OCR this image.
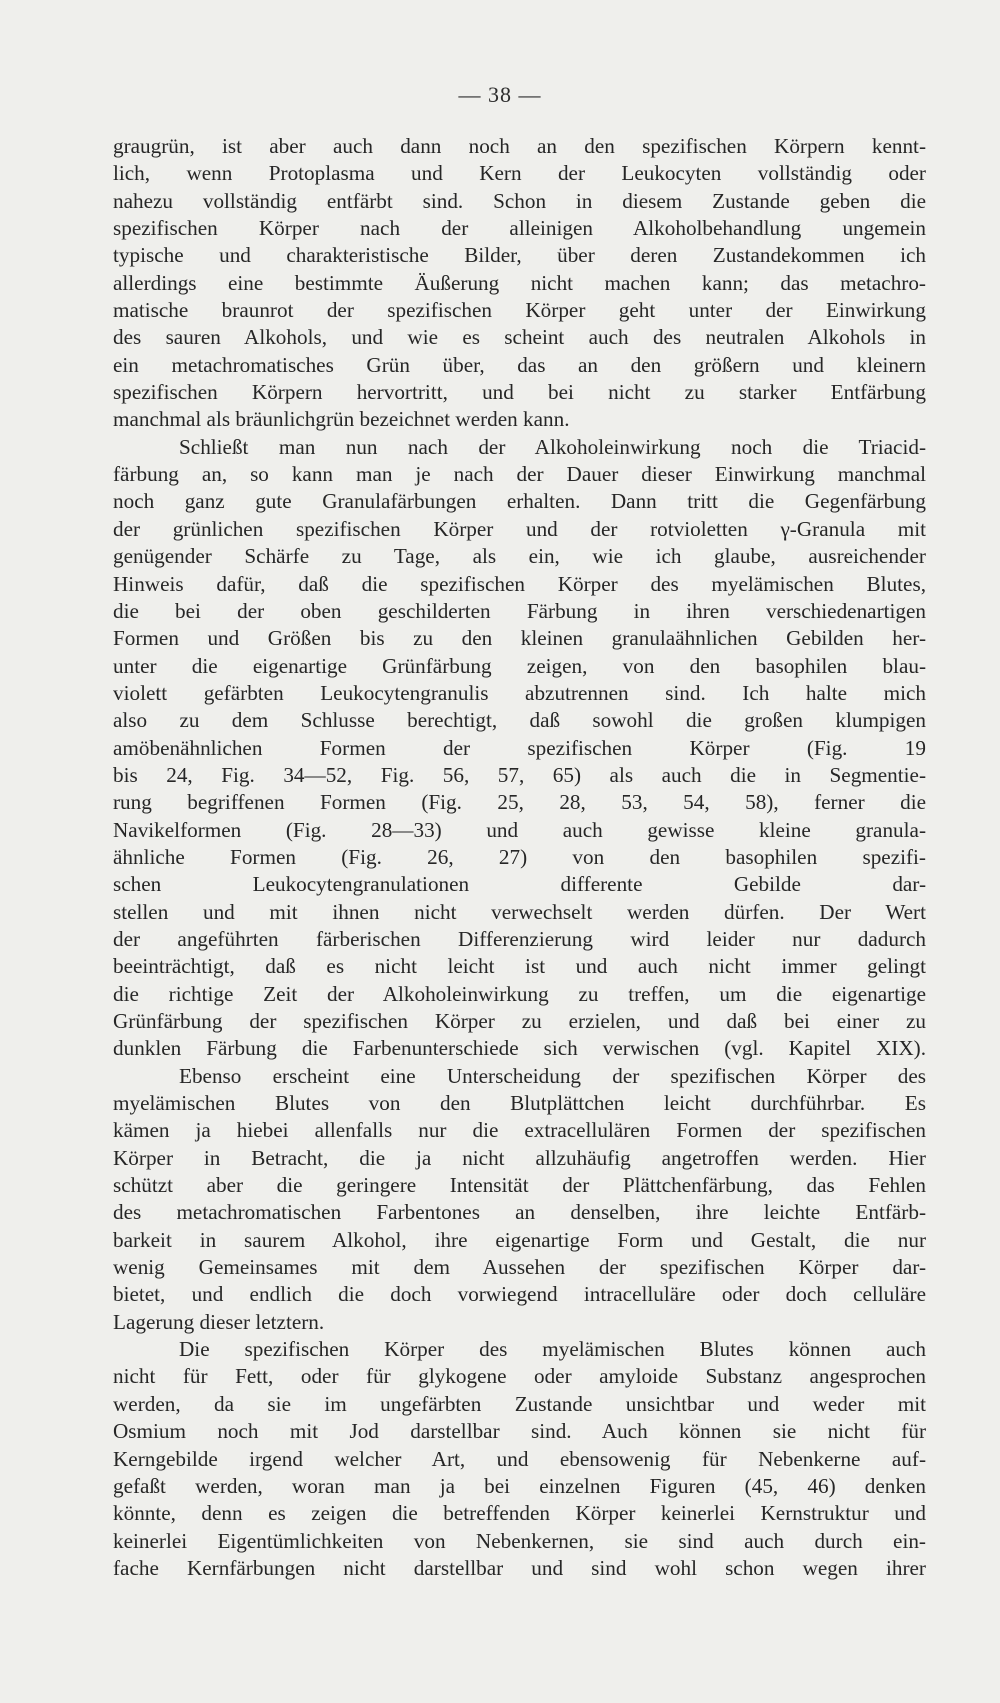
— 38 —
graugrün, ist aber auch dann noch an den spezifischen Körpern kennt-
lich, wenn Protoplasma und Kern der Leukocyten vollständig oder
nahezu vollständig entfärbt sind. Schon in diesem Zustande geben die
spezifischen Körper nach der alleinigen Alkoholbehandlung ungemein
typische und charakteristische Bilder, über deren Zustandekommen ich
allerdings eine bestimmte Äußerung nicht machen kann; das metachro-
matische braunrot der spezifischen Körper geht unter der Einwirkung
des sauren Alkohols, und wie es scheint auch des neutralen Alkohols in
ein metachromatisches Grün über, das an den größern und kleinern
spezifischen Körpern hervortritt, und bei nicht zu starker Entfärbung
manchmal als bräunlichgrün bezeichnet werden kann.
Schließt man nun nach der Alkoholeinwirkung noch die Triacid-
färbung an, so kann man je nach der Dauer dieser Einwirkung manchmal
noch ganz gute Granulafärbungen erhalten. Dann tritt die Gegenfärbung
der grünlichen spezifischen Körper und der rotvioletten γ-Granula mit
genügender Schärfe zu Tage, als ein, wie ich glaube, ausreichender
Hinweis dafür, daß die spezifischen Körper des myelämischen Blutes,
die bei der oben geschilderten Färbung in ihren verschiedenartigen
Formen und Größen bis zu den kleinen granulaähnlichen Gebilden her-
unter die eigenartige Grünfärbung zeigen, von den basophilen blau-
violett gefärbten Leukocytengranulis abzutrennen sind. Ich halte mich
also zu dem Schlusse berechtigt, daß sowohl die großen klumpigen
amöbenähnlichen Formen der spezifischen Körper (Fig. 19
bis 24, Fig. 34—52, Fig. 56, 57, 65) als auch die in Segmentie-
rung begriffenen Formen (Fig. 25, 28, 53, 54, 58), ferner die
Navikelformen (Fig. 28—33) und auch gewisse kleine granula-
ähnliche Formen (Fig. 26, 27) von den basophilen spezifi-
schen Leukocytengranulationen differente Gebilde dar-
stellen und mit ihnen nicht verwechselt werden dürfen. Der Wert
der angeführten färberischen Differenzierung wird leider nur dadurch
beeinträchtigt, daß es nicht leicht ist und auch nicht immer gelingt
die richtige Zeit der Alkoholeinwirkung zu treffen, um die eigenartige
Grünfärbung der spezifischen Körper zu erzielen, und daß bei einer zu
dunklen Färbung die Farbenunterschiede sich verwischen (vgl. Kapitel XIX).
Ebenso erscheint eine Unterscheidung der spezifischen Körper des
myelämischen Blutes von den Blutplättchen leicht durchführbar. Es
kämen ja hiebei allenfalls nur die extracellulären Formen der spezifischen
Körper in Betracht, die ja nicht allzuhäufig angetroffen werden. Hier
schützt aber die geringere Intensität der Plättchenfärbung, das Fehlen
des metachromatischen Farbentones an denselben, ihre leichte Entfärb-
barkeit in saurem Alkohol, ihre eigenartige Form und Gestalt, die nur
wenig Gemeinsames mit dem Aussehen der spezifischen Körper dar-
bietet, und endlich die doch vorwiegend intracelluläre oder doch celluläre
Lagerung dieser letztern.
Die spezifischen Körper des myelämischen Blutes können auch
nicht für Fett, oder für glykogene oder amyloide Substanz angesprochen
werden, da sie im ungefärbten Zustande unsichtbar und weder mit
Osmium noch mit Jod darstellbar sind. Auch können sie nicht für
Kerngebilde irgend welcher Art, und ebensowenig für Nebenkerne auf-
gefaßt werden, woran man ja bei einzelnen Figuren (45, 46) denken
könnte, denn es zeigen die betreffenden Körper keinerlei Kernstruktur und
keinerlei Eigentümlichkeiten von Nebenkernen, sie sind auch durch ein-
fache Kernfärbungen nicht darstellbar und sind wohl schon wegen ihrer
